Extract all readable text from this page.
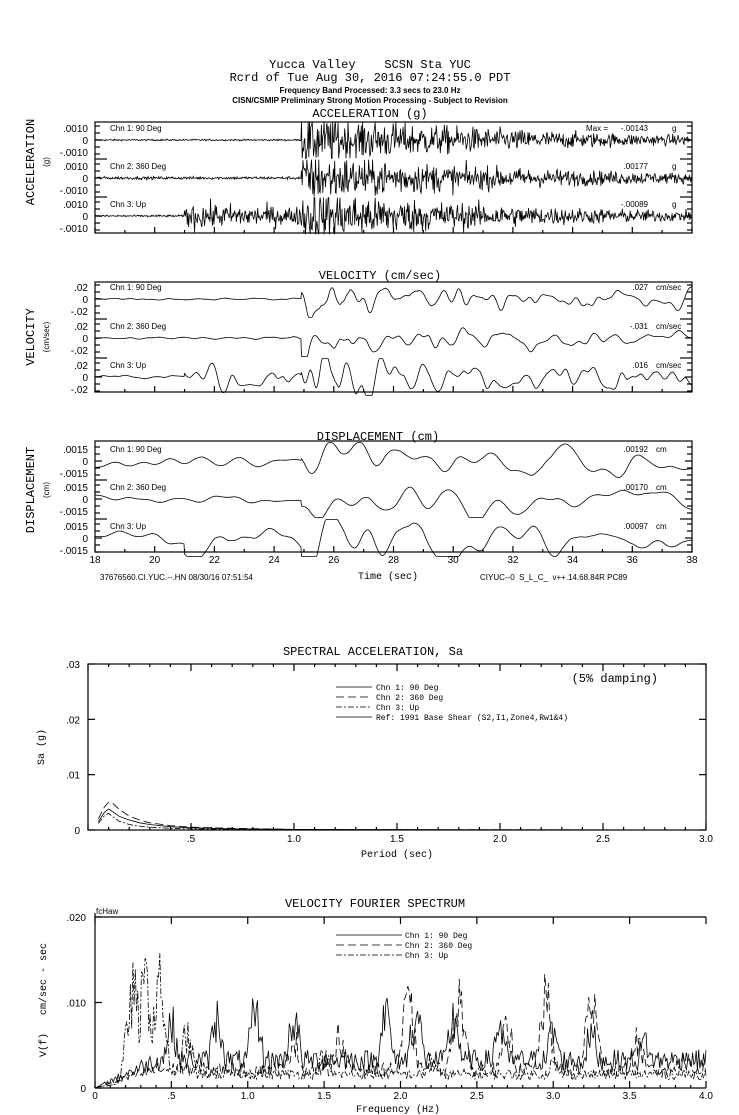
Yucca Valley    SCSN Sta YUC
Rcrd of Tue Aug 30, 2016 07:24:55.0 PDT
Frequency Band Processed: 3.3 secs to 23.0 Hz
CISN/CSMIP Preliminary Strong Motion Processing - Subject to Revision
ACCELERATION (g)
VELOCITY (cm/sec)
DISPLACEMENT (cm)
ACCELERATION (g)
VELOCITY (cm/sec)
DISPLACEMENT (cm)
37676560.CI.YUC.--.HN 08/30/16 07:51:54	Time (sec)	CIYUC--0  S_L_C_  v++.14.68.84R PC89
SPECTRAL ACCELERATION, Sa
Sa (g)
Period (sec)
(5% damping)
VELOCITY FOURIER SPECTRUM
V(f)   cm/sec - sec
Frequency (Hz)
fcHaw
.0010
0
-.0010
Chn 1: 90 Deg	Max = -.00143	g
.0010
0
-.0010
Chn 2: 360 Deg	.00177	g
.0010
0
-.0010
Chn 3: Up	-.00089	g
.02
0
-.02
Chn 1: 90 Deg	.027 cm/sec
.02
0
-.02
Chn 2: 360 Deg	-.031 cm/sec
.02
0
-.02
Chn 3: Up	.016 cm/sec
18	20	22	24	26	28	30	32	34	36	38
.0015
0
-.0015
Chn 1: 90 Deg	.00192 cm
.0015
0
-.0015
Chn 2: 360 Deg	.00170 cm
.0015
0
-.0015
Chn 3: Up	.00097 cm
.5	1.0	1.5	2.0	2.5	3.0
.03
.02
.01
0
Chn 1: 90 Deg
Chn 2: 360 Deg
Chn 3: Up
Ref: 1991 Base Shear (S2,I1,Zone4,Rw1&4)
0	.5	1.0	1.5	2.0	2.5	3.0	3.5	4.0
.020
.010
0
Chn 1: 90 Deg
Chn 2: 360 Deg
Chn 3: Up
